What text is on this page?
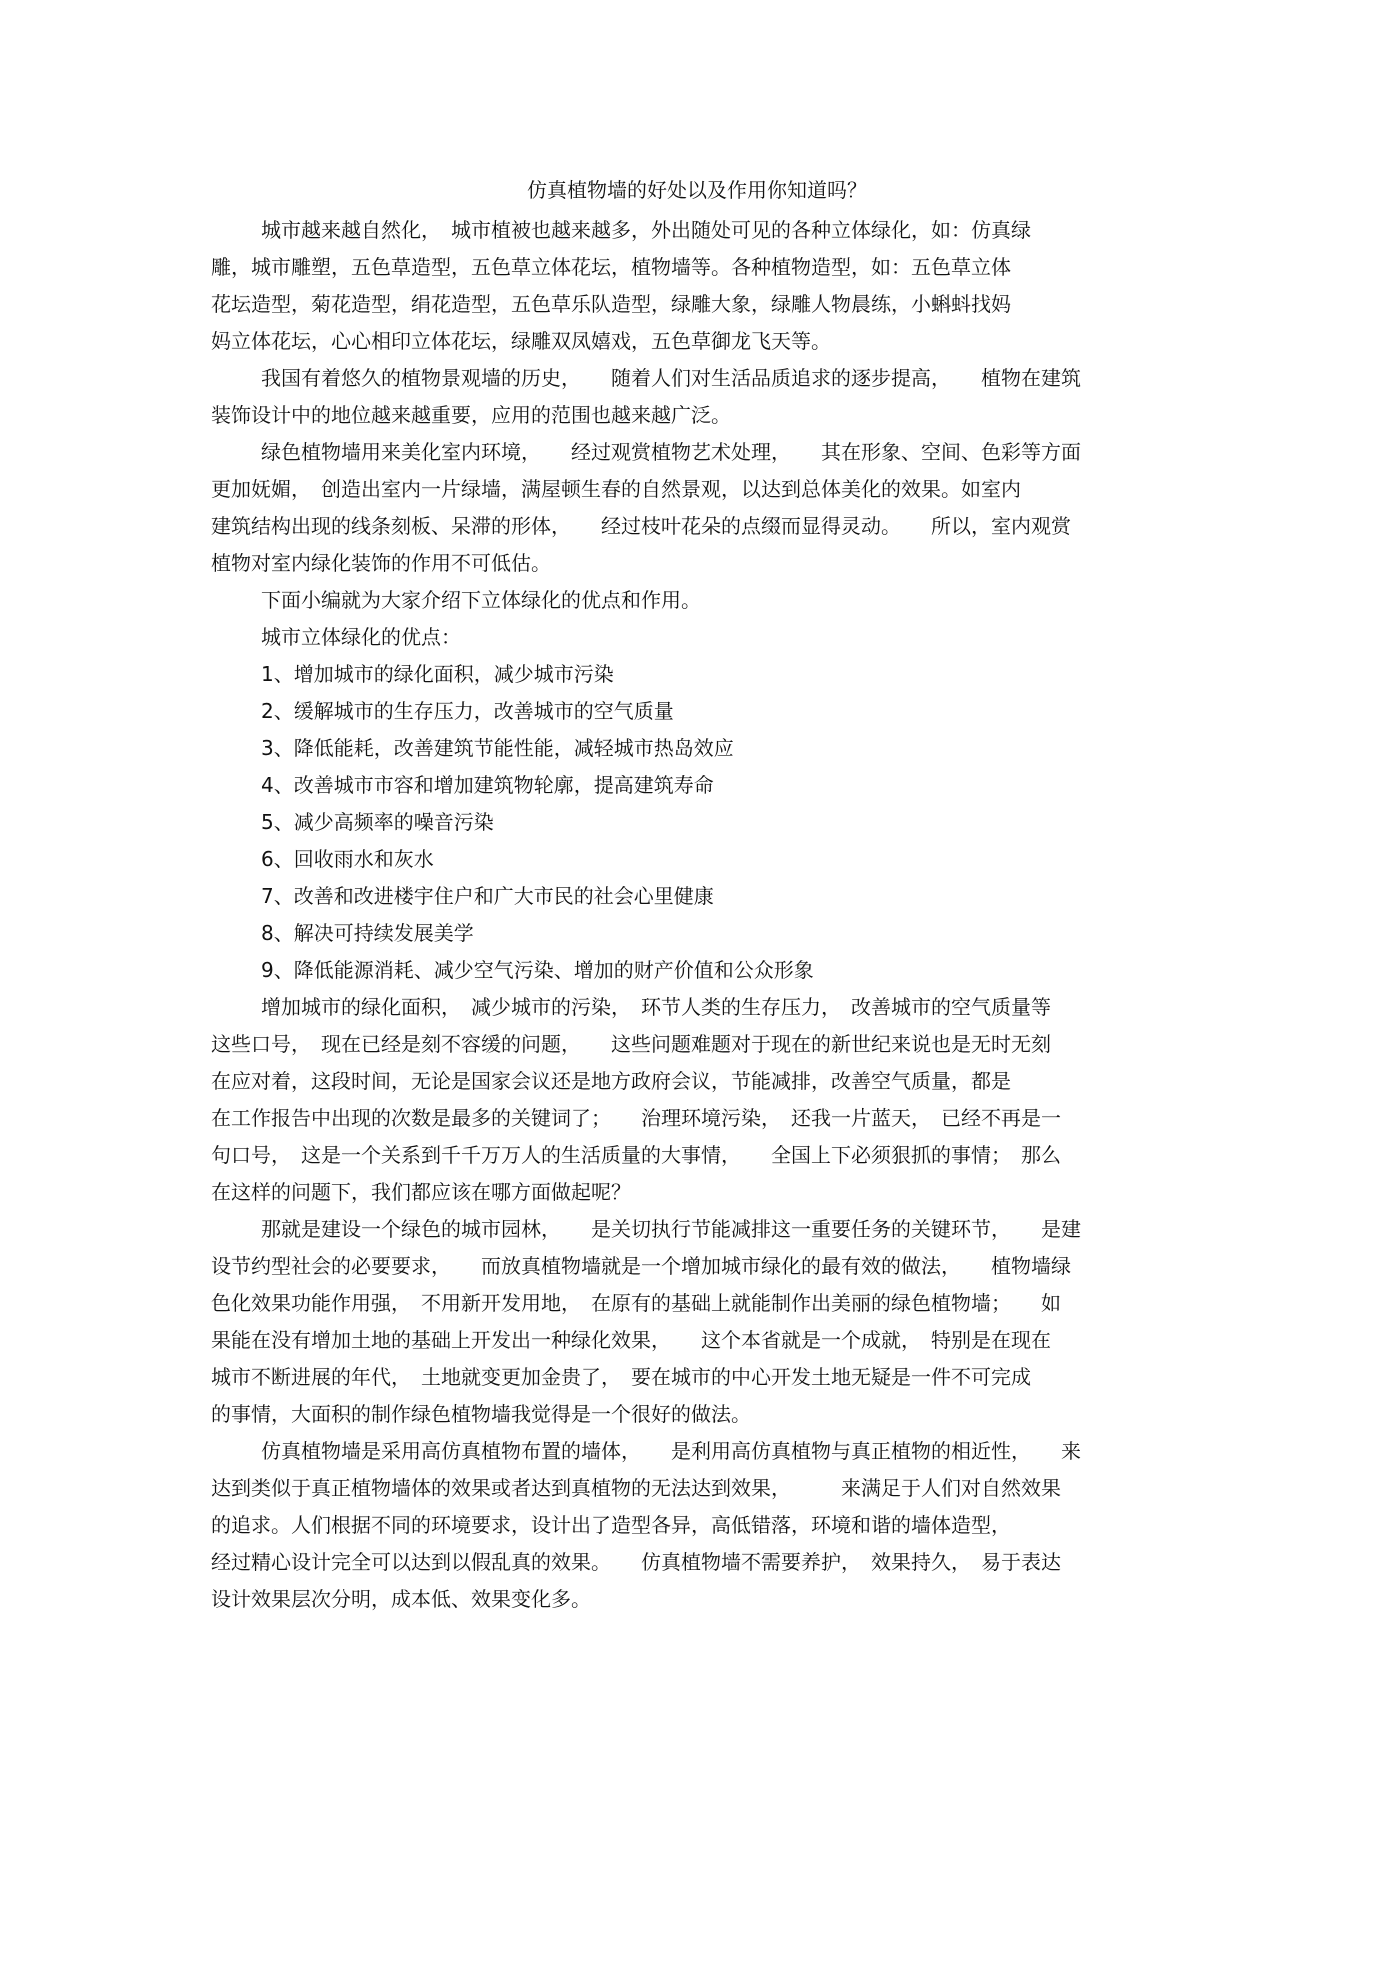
仿真植物墙的好处以及作用你知道吗？
城市越来越自然化，　城市植被也越来越多，外出随处可见的各种立体绿化，如：仿真绿
雕，城市雕塑，五色草造型，五色草立体花坛，植物墙等。各种植物造型，如：五色草立体
花坛造型，菊花造型，绢花造型，五色草乐队造型，绿雕大象，绿雕人物晨练，小蝌蚪找妈
妈立体花坛，心心相印立体花坛，绿雕双凤嬉戏，五色草御龙飞天等。
我国有着悠久的植物景观墙的历史，　　随着人们对生活品质追求的逐步提高，　　植物在建筑
装饰设计中的地位越来越重要，应用的范围也越来越广泛。
绿色植物墙用来美化室内环境，　　经过观赏植物艺术处理，　　其在形象、空间、色彩等方面
更加妩媚，　创造出室内一片绿墙，满屋顿生春的自然景观，以达到总体美化的效果。如室内
建筑结构出现的线条刻板、呆滞的形体，　　经过枝叶花朵的点缀而显得灵动。　　所以，室内观赏
植物对室内绿化装饰的作用不可低估。
下面小编就为大家介绍下立体绿化的优点和作用。
城市立体绿化的优点：
1、增加城市的绿化面积，减少城市污染
2、缓解城市的生存压力，改善城市的空气质量
3、降低能耗，改善建筑节能性能，减轻城市热岛效应
4、改善城市市容和增加建筑物轮廓，提高建筑寿命
5、减少高频率的噪音污染
6、回收雨水和灰水
7、改善和改进楼宇住户和广大市民的社会心里健康
8、解决可持续发展美学
9、降低能源消耗、减少空气污染、增加的财产价值和公众形象
增加城市的绿化面积，　减少城市的污染，　环节人类的生存压力，　改善城市的空气质量等
这些口号，　现在已经是刻不容缓的问题，　　这些问题难题对于现在的新世纪来说也是无时无刻
在应对着，这段时间，无论是国家会议还是地方政府会议，节能减排，改善空气质量，都是
在工作报告中出现的次数是最多的关键词了；　　治理环境污染，　还我一片蓝天，　已经不再是一
句口号，　这是一个关系到千千万万人的生活质量的大事情，　　全国上下必须狠抓的事情；　那么
在这样的问题下，我们都应该在哪方面做起呢？
那就是建设一个绿色的城市园林，　　是关切执行节能减排这一重要任务的关键环节，　　是建
设节约型社会的必要要求，　　而放真植物墙就是一个增加城市绿化的最有效的做法，　　植物墙绿
色化效果功能作用强，　不用新开发用地，　在原有的基础上就能制作出美丽的绿色植物墙；　　如
果能在没有增加土地的基础上开发出一种绿化效果，　　这个本省就是一个成就，　特别是在现在
城市不断进展的年代，　土地就变更加金贵了，　要在城市的中心开发土地无疑是一件不可完成
的事情，大面积的制作绿色植物墙我觉得是一个很好的做法。
仿真植物墙是采用高仿真植物布置的墙体，　　是利用高仿真植物与真正植物的相近性，　　来
达到类似于真正植物墙体的效果或者达到真植物的无法达到效果，　　　来满足于人们对自然效果
的追求。人们根据不同的环境要求，设计出了造型各异，高低错落，环境和谐的墙体造型，
经过精心设计完全可以达到以假乱真的效果。　　仿真植物墙不需要养护，　效果持久，　易于表达
设计效果层次分明，成本低、效果变化多。
